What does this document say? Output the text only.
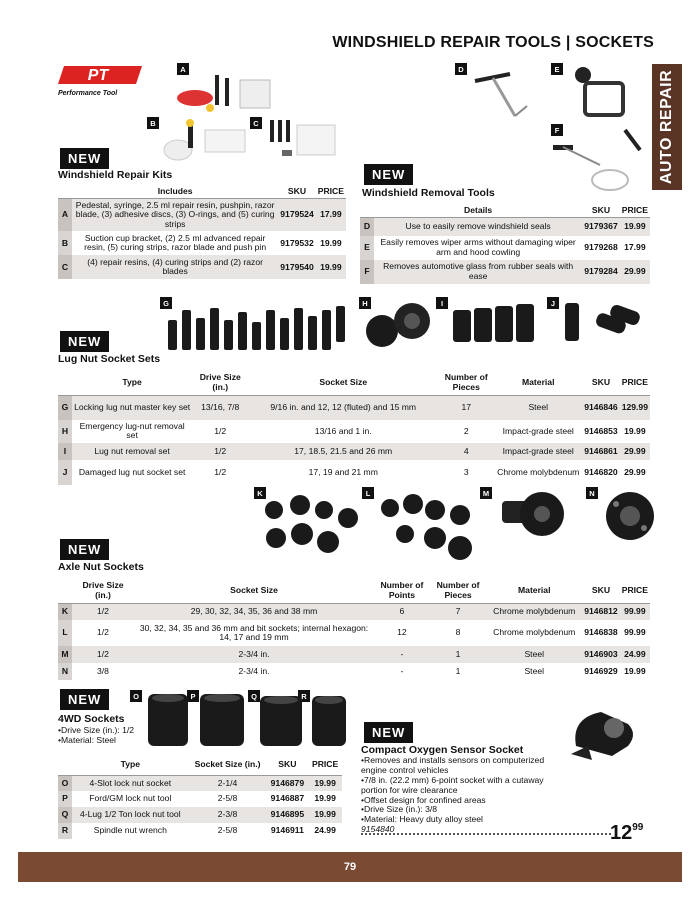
WINDSHIELD REPAIR TOOLS | SOCKETS
AUTO REPAIR
PT
Performance Tool
A
B	C
NEW
Windshield Repair Kits
	Includes	SKU	PRICE
A	Pedestal, syringe, 2.5 ml repair resin, pushpin, razor blade, (3) adhesive discs, (3) O-rings, and (5) curing strips	9179524	17.99
B	Suction cup bracket, (2) 2.5 ml advanced repair resin, (5) curing strips, razor blade and push pin	9179532	19.99
C	(4) repair resins, (4) curing strips and (2) razor blades	9179540	19.99
D	E
F
NEW
Windshield Removal Tools
	Details	SKU	PRICE
D	Use to easily remove windshield seals	9179367	19.99
E	Easily removes wiper arms without damaging wiper arm and hood cowling	9179268	17.99
F	Removes automotive glass from rubber seals with ease	9179284	29.99
G	H	I	J
NEW
Lug Nut Socket Sets
	Type	Drive Size (in.)	Socket Size	Number of Pieces	Material	SKU	PRICE
G	Locking lug nut master key set	13/16, 7/8	9/16 in. and 12, 12 (fluted) and 15 mm	17	Steel	9146846	129.99
H	Emergency lug-nut removal set	1/2	13/16 and 1 in.	2	Impact-grade steel	9146853	19.99
I	Lug nut removal set	1/2	17, 18.5, 21.5 and 26 mm	4	Impact-grade steel	9146861	29.99
J	Damaged lug nut socket set	1/2	17, 19 and 21 mm	3	Chrome molybdenum	9146820	29.99
K	L	M	N
NEW
Axle Nut Sockets
	Drive Size (in.)	Socket Size	Number of Points	Number of Pieces	Material	SKU	PRICE
K	1/2	29, 30, 32, 34, 35, 36 and 38 mm	6	7	Chrome molybdenum	9146812	99.99
L	1/2	30, 32, 34, 35 and 36 mm and bit sockets; internal hexagon: 14, 17 and 19 mm	12	8	Chrome molybdenum	9146838	99.99
M	1/2	2-3/4 in.	-	1	Steel	9146903	24.99
N	3/8	2-3/4 in.	-	1	Steel	9146929	19.99
NEW
4WD Sockets
•Drive Size (in.): 1/2
•Material: Steel
O	P	Q	R
	Type	Socket Size (in.)	SKU	PRICE
O	4-Slot lock nut socket	2-1/4	9146879	19.99
P	Ford/GM lock nut tool	2-5/8	9146887	19.99
Q	4-Lug 1/2 Ton lock nut tool	2-3/8	9146895	19.99
R	Spindle nut wrench	2-5/8	9146911	24.99
NEW
Compact Oxygen Sensor Socket
•Removes and installs sensors on computerized engine control vehicles
•7/8 in. (22.2 mm) 6-point socket with a cutaway portion for wire clearance
•Offset design for confined areas
•Drive Size (in.): 3/8
•Material: Heavy duty alloy steel
9154840	$12^{99}$
79
